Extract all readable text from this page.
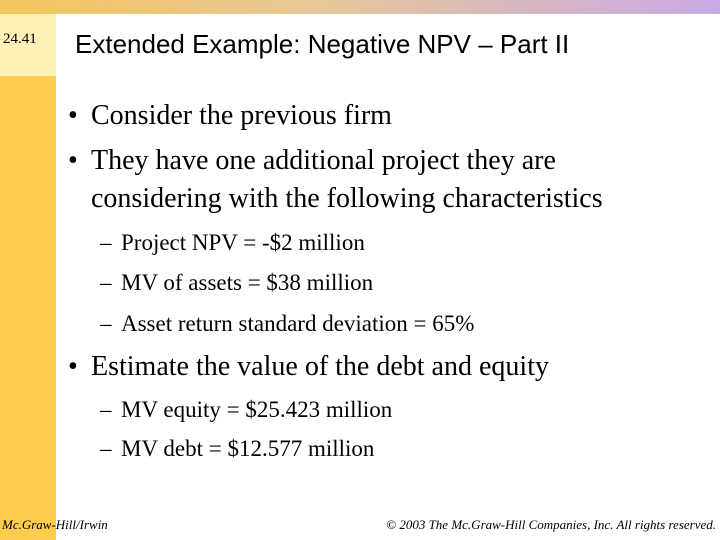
24.41 Extended Example: Negative NPV – Part II
• Consider the previous firm
• They have one additional project they are
considering with the following characteristics
– Project NPV = -$2 million
– MV of assets = $38 million
– Asset return standard deviation = 65%
• Estimate the value of the debt and equity
– MV equity = $25.423 million
– MV debt = $12.577 million
Mc.Graw-Hill/Irwin	© 2003 The Mc.Graw-Hill Companies, Inc. All rights reserved.
